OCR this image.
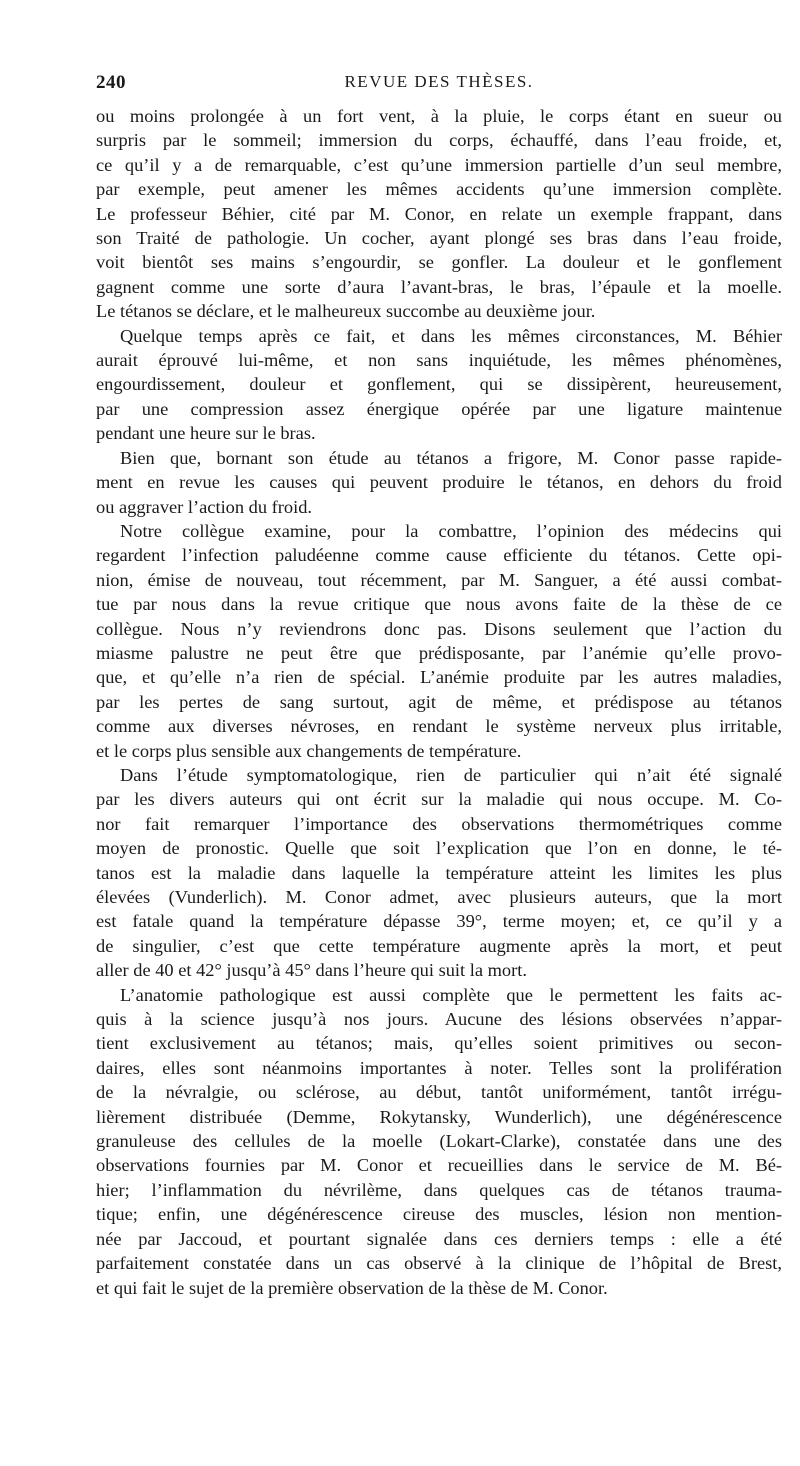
240	REVUE DES THÈSES.
ou moins prolongée à un fort vent, à la pluie, le corps étant en sueur ou
surpris par le sommeil; immersion du corps, échauffé, dans l’eau froide, et,
ce qu’il y a de remarquable, c’est qu’une immersion partielle d’un seul membre,
par exemple, peut amener les mêmes accidents qu’une immersion complète.
Le professeur Béhier, cité par M. Conor, en relate un exemple frappant, dans
son Traité de pathologie. Un cocher, ayant plongé ses bras dans l’eau froide,
voit bientôt ses mains s’engourdir, se gonfler. La douleur et le gonflement
gagnent comme une sorte d’aura l’avant-bras, le bras, l’épaule et la moelle.
Le tétanos se déclare, et le malheureux succombe au deuxième jour.
Quelque temps après ce fait, et dans les mêmes circonstances, M. Béhier
aurait éprouvé lui-même, et non sans inquiétude, les mêmes phénomènes,
engourdissement, douleur et gonflement, qui se dissipèrent, heureusement,
par une compression assez énergique opérée par une ligature maintenue
pendant une heure sur le bras.
Bien que, bornant son étude au tétanos a frigore, M. Conor passe rapide-
ment en revue les causes qui peuvent produire le tétanos, en dehors du froid
ou aggraver l’action du froid.
Notre collègue examine, pour la combattre, l’opinion des médecins qui
regardent l’infection paludéenne comme cause efficiente du tétanos. Cette opi-
nion, émise de nouveau, tout récemment, par M. Sanguer, a été aussi combat-
tue par nous dans la revue critique que nous avons faite de la thèse de ce
collègue. Nous n’y reviendrons donc pas. Disons seulement que l’action du
miasme palustre ne peut être que prédisposante, par l’anémie qu’elle provo-
que, et qu’elle n’a rien de spécial. L’anémie produite par les autres maladies,
par les pertes de sang surtout, agit de même, et prédispose au tétanos
comme aux diverses névroses, en rendant le système nerveux plus irritable,
et le corps plus sensible aux changements de température.
Dans l’étude symptomatologique, rien de particulier qui n’ait été signalé
par les divers auteurs qui ont écrit sur la maladie qui nous occupe. M. Co-
nor fait remarquer l’importance des observations thermométriques comme
moyen de pronostic. Quelle que soit l’explication que l’on en donne, le té-
tanos est la maladie dans laquelle la température atteint les limites les plus
élevées (Vunderlich). M. Conor admet, avec plusieurs auteurs, que la mort
est fatale quand la température dépasse 39°, terme moyen; et, ce qu’il y a
de singulier, c’est que cette température augmente après la mort, et peut
aller de 40 et 42° jusqu’à 45° dans l’heure qui suit la mort.
L’anatomie pathologique est aussi complète que le permettent les faits ac-
quis à la science jusqu’à nos jours. Aucune des lésions observées n’appar-
tient exclusivement au tétanos; mais, qu’elles soient primitives ou secon-
daires, elles sont néanmoins importantes à noter. Telles sont la prolifération
de la névralgie, ou sclérose, au début, tantôt uniformément, tantôt irrégu-
lièrement distribuée (Demme, Rokytansky, Wunderlich), une dégénérescence
granuleuse des cellules de la moelle (Lokart-Clarke), constatée dans une des
observations fournies par M. Conor et recueillies dans le service de M. Bé-
hier; l’inflammation du névrilème, dans quelques cas de tétanos trauma-
tique; enfin, une dégénérescence cireuse des muscles, lésion non mention-
née par Jaccoud, et pourtant signalée dans ces derniers temps : elle a été
parfaitement constatée dans un cas observé à la clinique de l’hôpital de Brest,
et qui fait le sujet de la première observation de la thèse de M. Conor.
